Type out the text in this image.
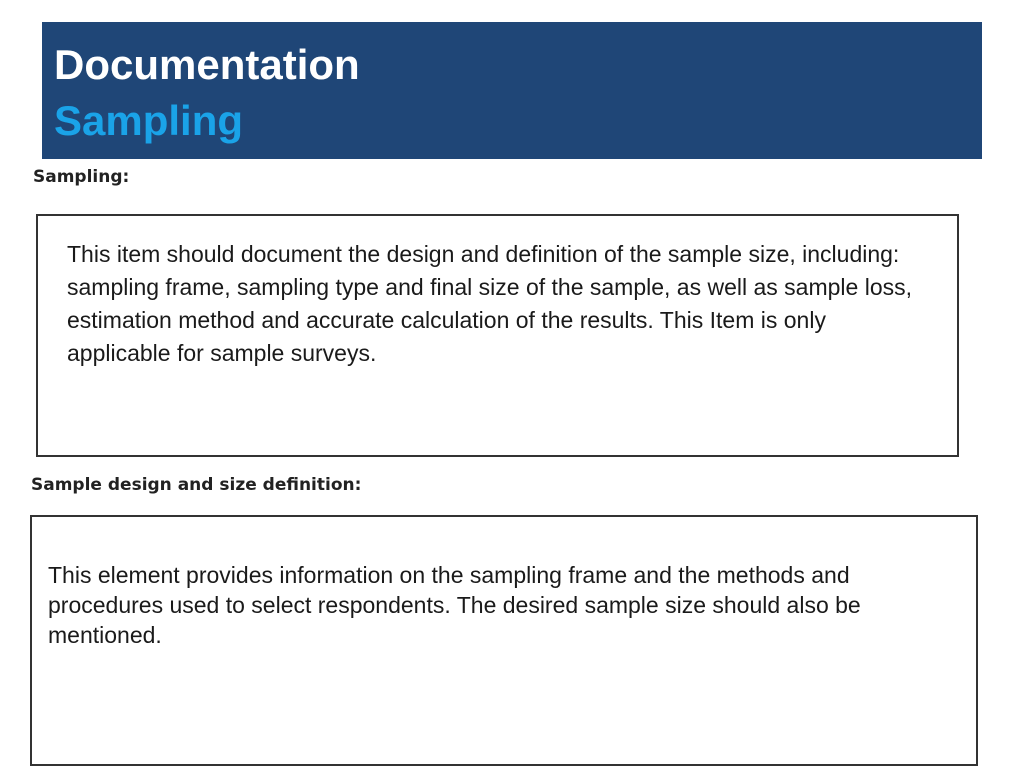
Documentation
Sampling

Sampling:

This item should document the design and definition of the sample size, including: sampling frame, sampling type and final size of the sample, as well as sample loss, estimation method and accurate calculation of the results. This Item is only applicable for sample surveys.

Sample design and size definition:

This element provides information on the sampling frame and the methods and procedures used to select respondents. The desired sample size should also be mentioned.
